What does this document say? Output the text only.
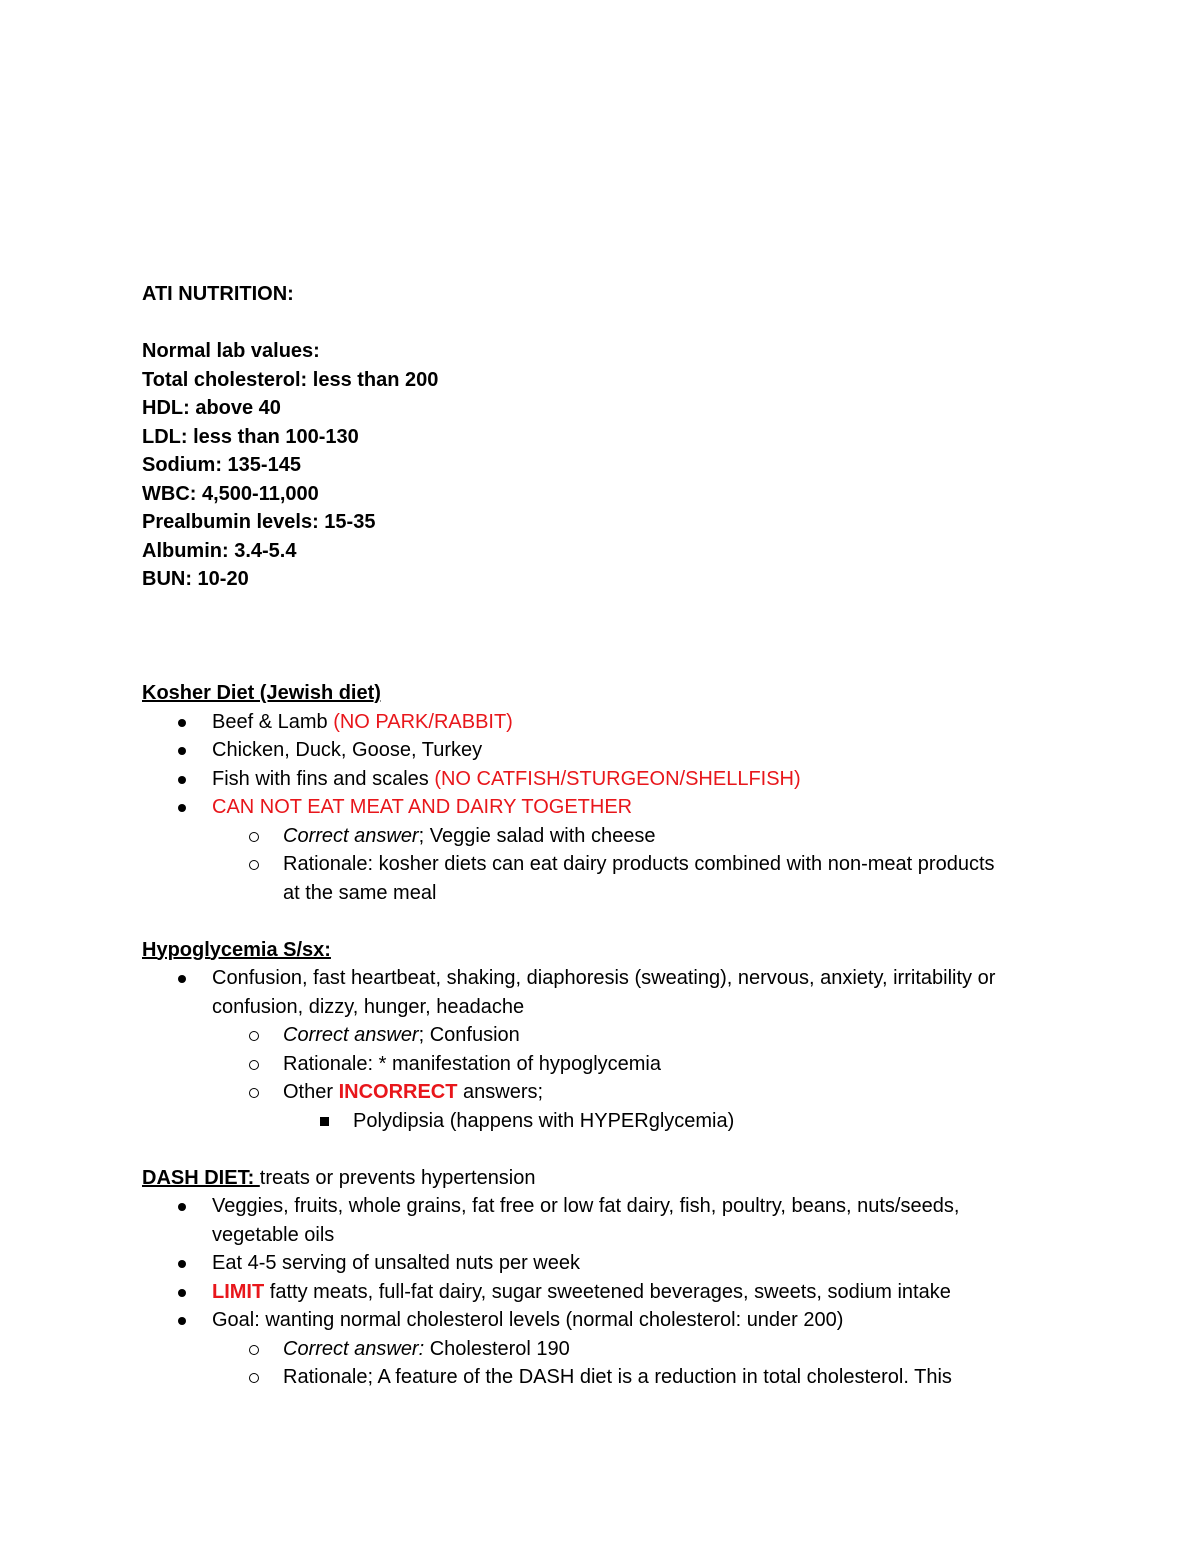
ATI NUTRITION:
Normal lab values:
Total cholesterol: less than 200
HDL: above 40
LDL: less than 100-130
Sodium: 135-145
WBC: 4,500-11,000
Prealbumin levels: 15-35
Albumin: 3.4-5.4
BUN: 10-20
Kosher Diet (Jewish diet)
Beef & Lamb (NO PARK/RABBIT)
Chicken, Duck, Goose, Turkey
Fish with fins and scales (NO CATFISH/STURGEON/SHELLFISH)
CAN NOT EAT MEAT AND DAIRY TOGETHER
Correct answer; Veggie salad with cheese
Rationale: kosher diets can eat dairy products combined with non-meat products
at the same meal
Hypoglycemia S/sx:
Confusion, fast heartbeat, shaking, diaphoresis (sweating), nervous, anxiety, irritability or
confusion, dizzy, hunger, headache
Correct answer; Confusion
Rationale: * manifestation of hypoglycemia
Other INCORRECT answers;
Polydipsia (happens with HYPERglycemia)
DASH DIET: treats or prevents hypertension
Veggies, fruits, whole grains, fat free or low fat dairy, fish, poultry, beans, nuts/seeds,
vegetable oils
Eat 4-5 serving of unsalted nuts per week
LIMIT fatty meats, full-fat dairy, sugar sweetened beverages, sweets, sodium intake
Goal: wanting normal cholesterol levels (normal cholesterol: under 200)
Correct answer: Cholesterol 190
Rationale; A feature of the DASH diet is a reduction in total cholesterol. This
